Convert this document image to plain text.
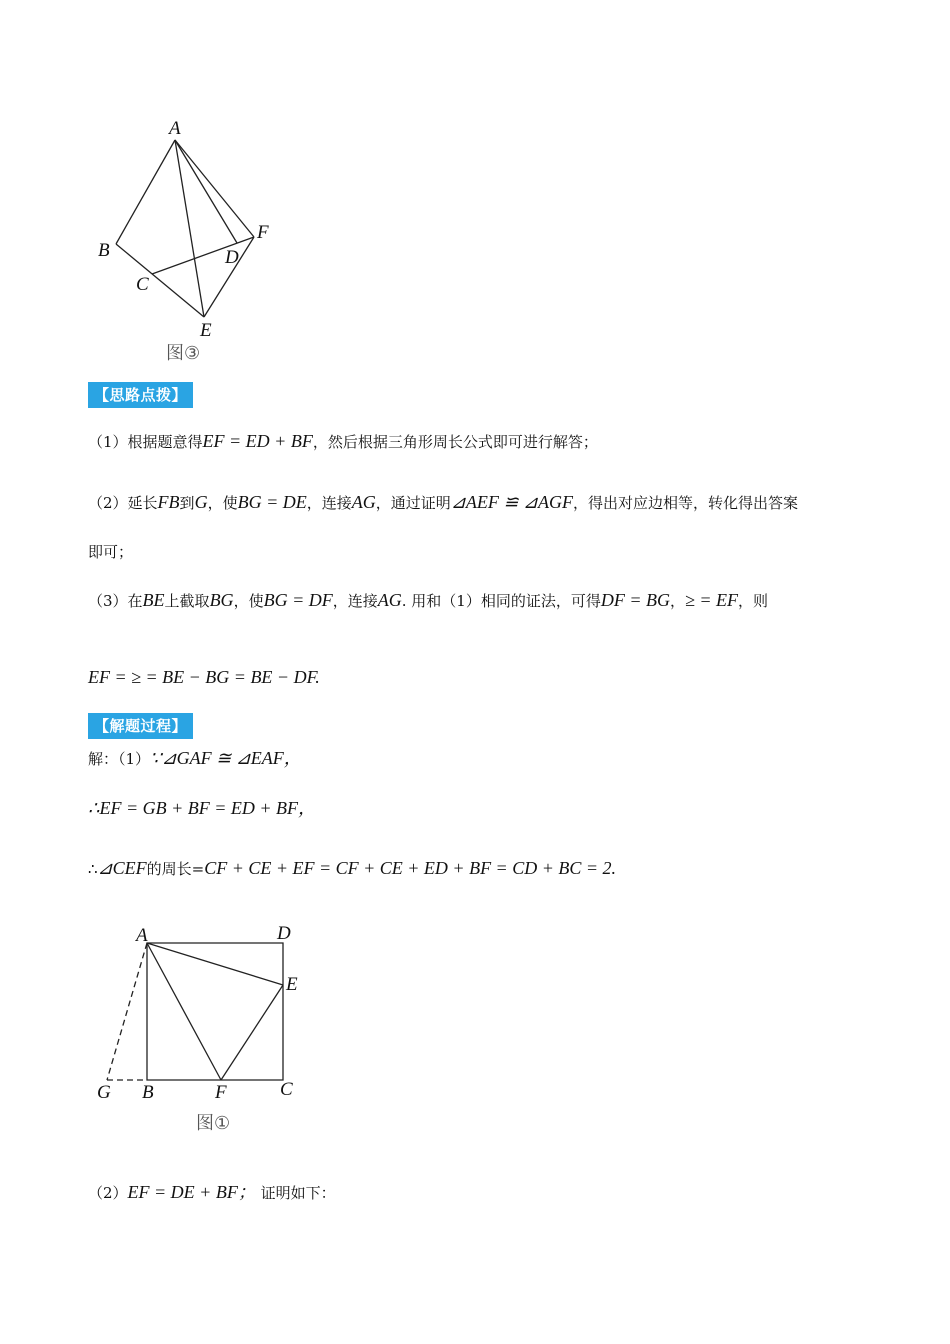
A
B
C
D
E
F
图③
【思路点拨】
（1）根据题意得EF = ED + BF，然后根据三角形周长公式即可进行解答；
（2）延长FB到G，使BG = DE，连接AG，通过证明⊿AEF ≌ ⊿AGF，得出对应边相等，转化得出答案
即可；
（3）在BE上截取BG，使BG = DF，连接AG. 用和（1）相同的证法，可得DF = BG，≥ = EF，则
EF = ≥ = BE − BG = BE − DF.
【解题过程】
解：（1）∵⊿GAF ≅ ⊿EAF，
∴EF = GB + BF = ED + BF，
∴⊿CEF的周长=CF + CE + EF = CF + CE + ED + BF = CD + BC = 2.
A	D
E
G B	F	C
图①
（2）EF = DE + BF； 证明如下：
